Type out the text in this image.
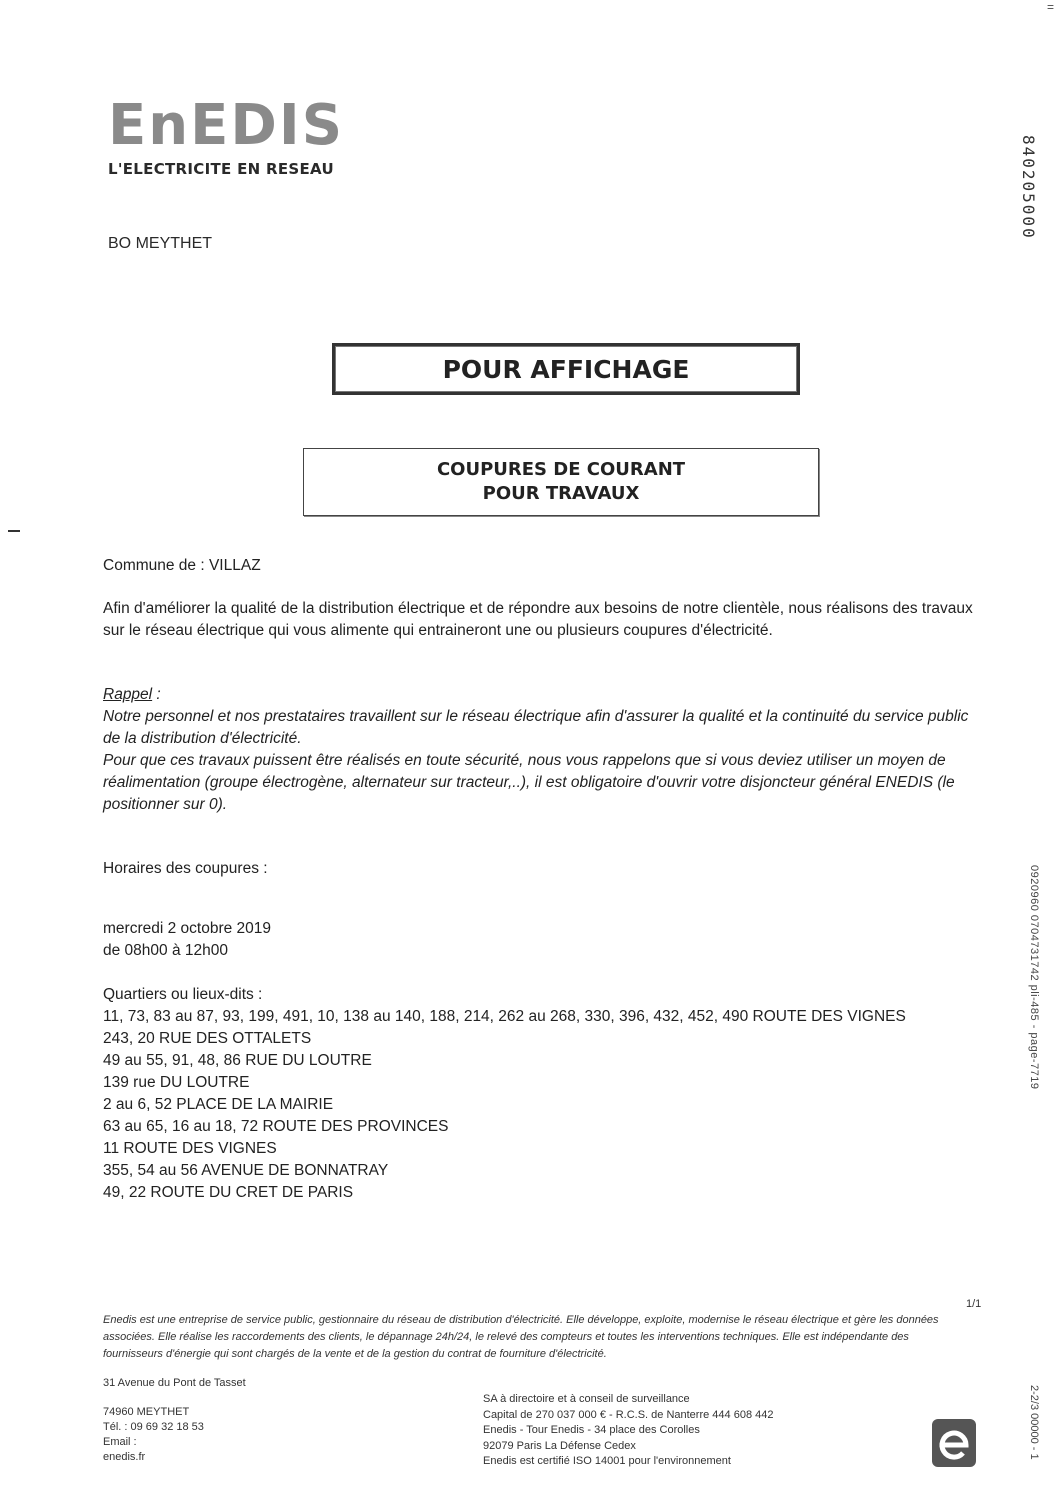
EnEDIS
L'ELECTRICITE EN RESEAU
BO MEYTHET
840205000
=
0920960 0704731742 pli-485 - page-7719
2-2/3 00000 - 1
POUR AFFICHAGE
COUPURES DE COURANT
POUR TRAVAUX
Commune de : VILLAZ
Afin d'améliorer la qualité de la distribution électrique et de répondre aux besoins de notre clientèle, nous réalisons des travaux sur le réseau électrique qui vous alimente qui entraineront une ou plusieurs coupures d'électricité.
Rappel :
Notre personnel et nos prestataires travaillent sur le réseau électrique afin d'assurer la qualité et la continuité du service public de la distribution d'électricité.
Pour que ces travaux puissent être réalisés en toute sécurité, nous vous rappelons que si vous deviez utiliser un moyen de réalimentation (groupe électrogène, alternateur sur tracteur,..), il est obligatoire d'ouvrir votre disjoncteur général ENEDIS (le positionner sur 0).
Horaires des coupures :
mercredi 2 octobre 2019
de 08h00 à 12h00
Quartiers ou lieux-dits :
11, 73, 83 au 87, 93, 199, 491, 10, 138 au 140, 188, 214, 262 au 268, 330, 396, 432, 452, 490 ROUTE DES VIGNES
243, 20 RUE DES OTTALETS
49 au 55, 91, 48, 86 RUE DU LOUTRE
139 rue DU LOUTRE
2 au 6, 52 PLACE DE LA MAIRIE
63 au 65, 16 au 18, 72 ROUTE DES PROVINCES
11 ROUTE DES VIGNES
355, 54 au 56 AVENUE DE BONNATRAY
49, 22 ROUTE DU CRET DE PARIS
1/1
Enedis est une entreprise de service public, gestionnaire du réseau de distribution d'électricité. Elle développe, exploite, modernise le réseau électrique et gère les données associées. Elle réalise les raccordements des clients, le dépannage 24h/24, le relevé des compteurs et toutes les interventions techniques. Elle est indépendante des fournisseurs d'énergie qui sont chargés de la vente et de la gestion du contrat de fourniture d'électricité.
31 Avenue du Pont de Tasset
74960 MEYTHET
Tél. : 09 69 32 18 53
Email :
enedis.fr
SA à directoire et à conseil de surveillance
Capital de 270 037 000 € - R.C.S. de Nanterre 444 608 442
Enedis - Tour Enedis - 34 place des Corolles
92079 Paris La Défense Cedex
Enedis est certifié ISO 14001 pour l'environnement
